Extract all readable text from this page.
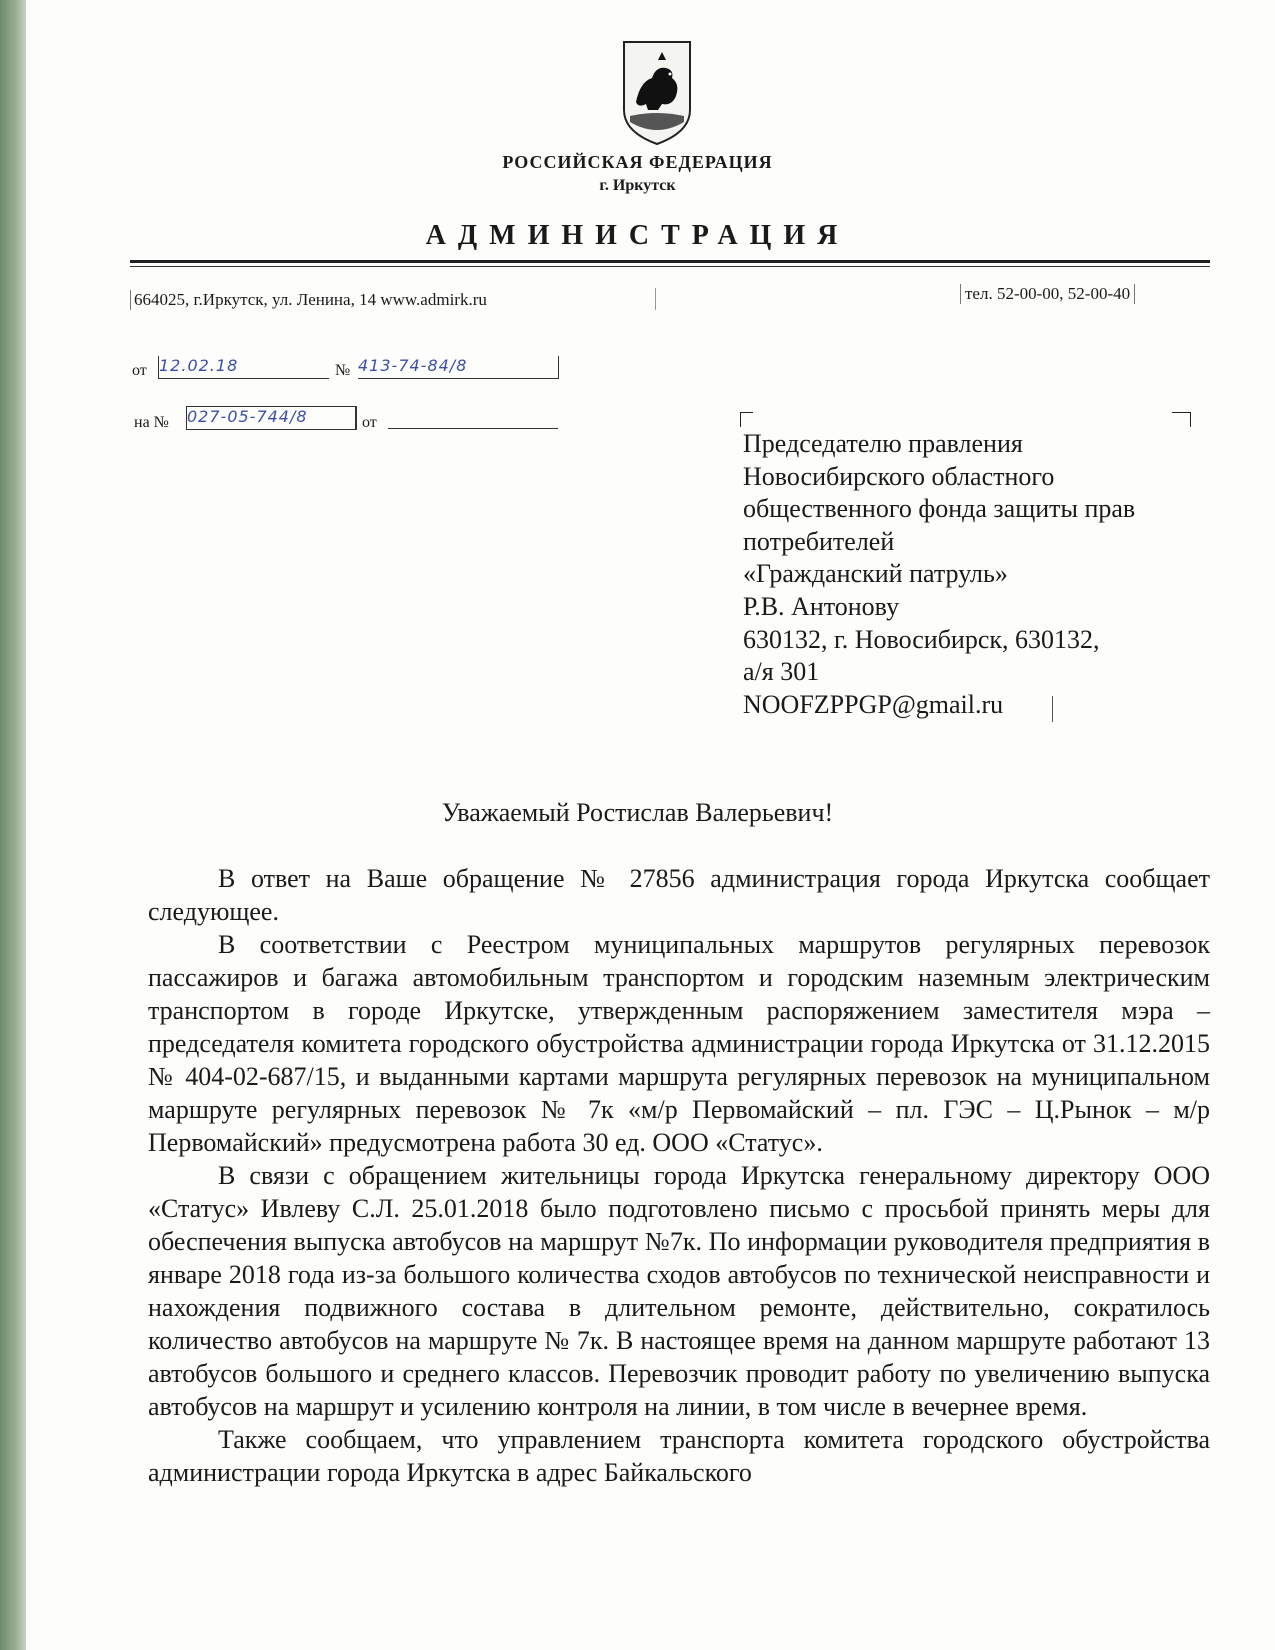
РОССИЙСКАЯ ФЕДЕРАЦИЯ
г. Иркутск
АДМИНИСТРАЦИЯ
664025, г.Иркутск, ул. Ленина, 14 www.admirk.ru	тел. 52-00-00, 52-00-40
от 12.02.18	№ 413-74-84/8
на № 027-05-744/8	от
Председателю правления
Новосибирского областного
общественного фонда защиты прав
потребителей
«Гражданский патруль»
Р.В. Антонову
630132, г. Новосибирск, 630132,
а/я 301
NOOFZPPGP@gmail.ru
Уважаемый Ростислав Валерьевич!

В ответ на Ваше обращение № 27856 администрация города Иркутска сообщает следующее.

В соответствии с Реестром муниципальных маршрутов регулярных перевозок пассажиров и багажа автомобильным транспортом и городским наземным электрическим транспортом в городе Иркутске, утвержденным распоряжением заместителя мэра – председателя комитета городского обустройства администрации города Иркутска от 31.12.2015 № 404-02-687/15, и выданными картами маршрута регулярных перевозок на муниципальном маршруте регулярных перевозок № 7к «м/р Первомайский – пл. ГЭС – Ц.Рынок – м/р Первомайский» предусмотрена работа 30 ед. ООО «Статус».

В связи с обращением жительницы города Иркутска генеральному директору ООО «Статус» Ивлеву С.Л. 25.01.2018 было подготовлено письмо с просьбой принять меры для обеспечения выпуска автобусов на маршрут №7к. По информации руководителя предприятия в январе 2018 года из-за большого количества сходов автобусов по технической неисправности и нахождения подвижного состава в длительном ремонте, действительно, сократилось количество автобусов на маршруте № 7к. В настоящее время на данном маршруте работают 13 автобусов большого и среднего классов. Перевозчик проводит работу по увеличению выпуска автобусов на маршрут и усилению контроля на линии, в том числе в вечернее время.

Также сообщаем, что управлением транспорта комитета городского обустройства администрации города Иркутска в адрес Байкальского
